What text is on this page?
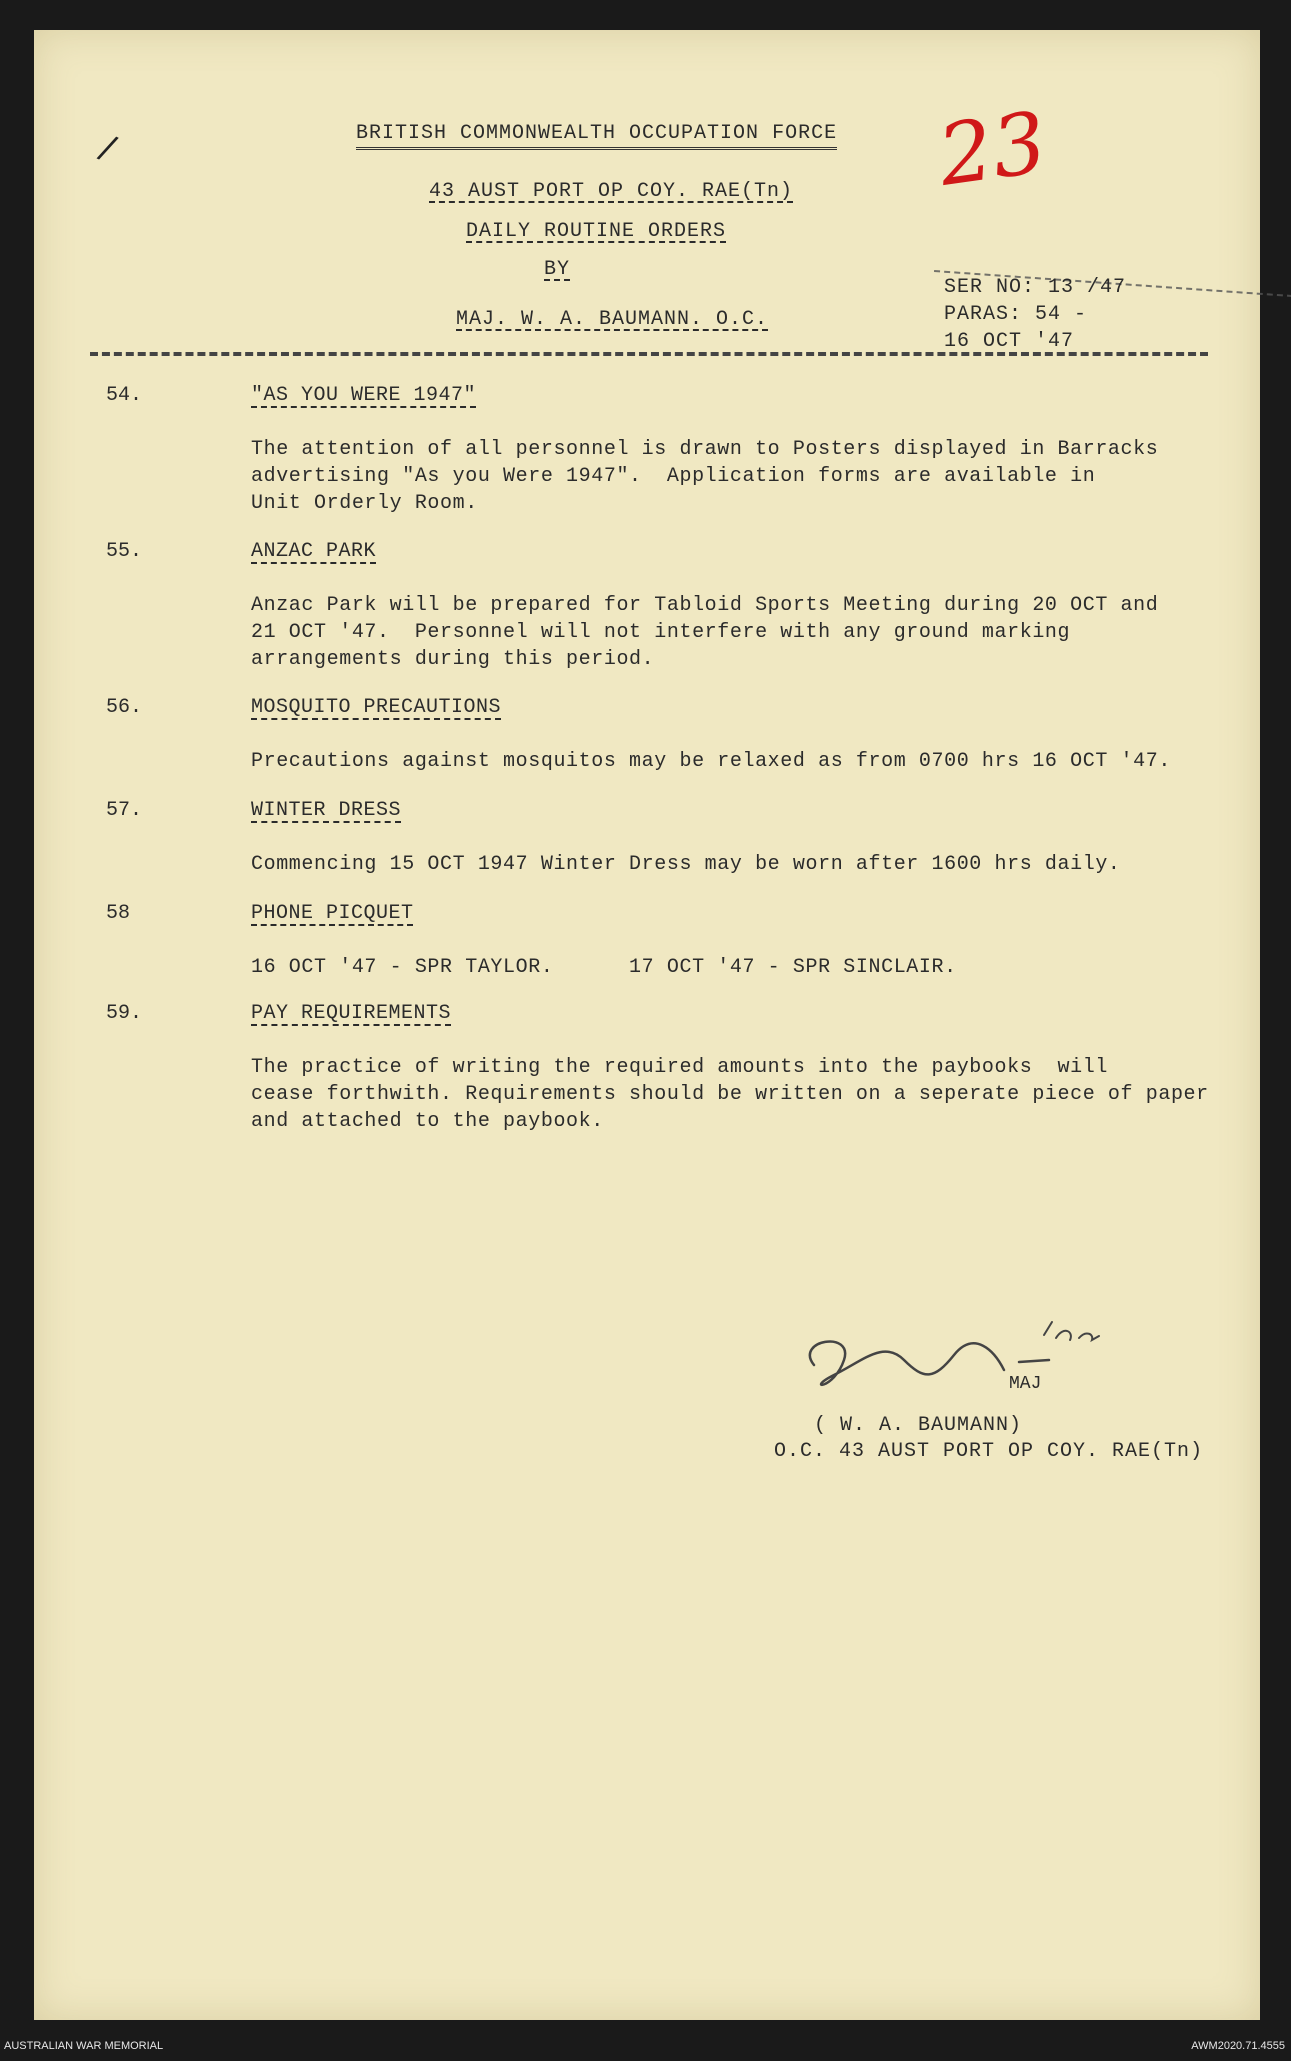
/	BRITISH COMMONWEALTH OCCUPATION FORCE
43 AUST PORT OP COY. RAE(Tn)
DAILY ROUTINE ORDERS
BY
MAJ. W. A. BAUMANN. O.C.
23
SER NO: 13 /47
PARAS: 54 -
16 OCT '47
54.	"AS YOU WERE 1947"
The attention of all personnel is drawn to Posters displayed in Barracks
advertising "As you Were 1947".  Application forms are available in
Unit Orderly Room.
55.	ANZAC PARK
Anzac Park will be prepared for Tabloid Sports Meeting during 20 OCT and
21 OCT '47.  Personnel will not interfere with any ground marking
arrangements during this period.
56.	MOSQUITO PRECAUTIONS
Precautions against mosquitos may be relaxed as from 0700 hrs 16 OCT '47.
57.	WINTER DRESS
Commencing 15 OCT 1947 Winter Dress may be worn after 1600 hrs daily.
58	PHONE PICQUET
16 OCT '47 - SPR TAYLOR.      17 OCT '47 - SPR SINCLAIR.
59.	PAY REQUIREMENTS
The practice of writing the required amounts into the paybooks  will
cease forthwith. Requirements should be written on a seperate piece of paper
and attached to the paybook.
MAJ
( W. A. BAUMANN)
O.C. 43 AUST PORT OP COY. RAE(Tn)
AUSTRALIAN WAR MEMORIAL	AWM2020.71.4555
